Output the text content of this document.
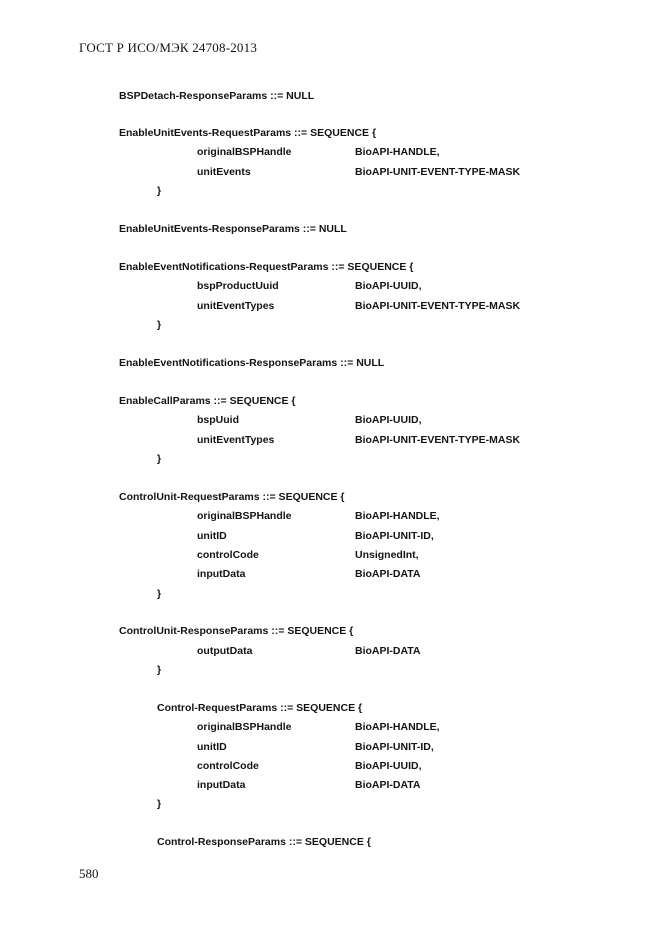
ГОСТ Р ИСО/МЭК 24708-2013
BSPDetach-ResponseParams ::= NULL
EnableUnitEvents-RequestParams ::= SEQUENCE {
originalBSPHandle	BioAPI-HANDLE,
unitEvents	BioAPI-UNIT-EVENT-TYPE-MASK
}
EnableUnitEvents-ResponseParams ::= NULL
EnableEventNotifications-RequestParams ::= SEQUENCE {
bspProductUuid	BioAPI-UUID,
unitEventTypes	BioAPI-UNIT-EVENT-TYPE-MASK
}
EnableEventNotifications-ResponseParams ::= NULL
EnableCallParams ::= SEQUENCE {
bspUuid	BioAPI-UUID,
unitEventTypes	BioAPI-UNIT-EVENT-TYPE-MASK
}
ControlUnit-RequestParams ::= SEQUENCE {
originalBSPHandle	BioAPI-HANDLE,
unitID	BioAPI-UNIT-ID,
controlCode	UnsignedInt,
inputData	BioAPI-DATA
}
ControlUnit-ResponseParams ::= SEQUENCE {
outputData	BioAPI-DATA
}
Control-RequestParams ::= SEQUENCE {
originalBSPHandle	BioAPI-HANDLE,
unitID	BioAPI-UNIT-ID,
controlCode	BioAPI-UUID,
inputData	BioAPI-DATA
}
Control-ResponseParams ::= SEQUENCE {
580
